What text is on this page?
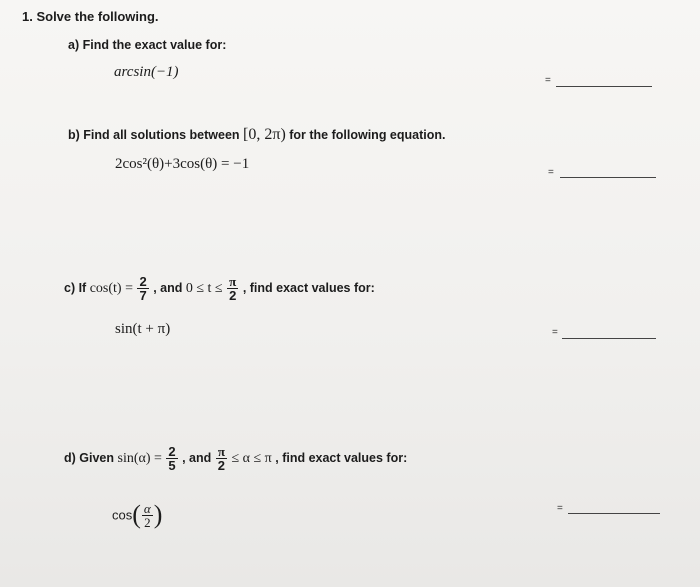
1. Solve the following.
a) Find the exact value for:
arcsin(−1)
=
b) Find all solutions between [0, 2π) for the following equation.
2cos²(θ)+3cos(θ) = −1
=
c) If $\cos(t) = \frac{2}{7}$ , and $0 \le t \le \frac{\pi}{2}$ , find exact values for:
sin(t + π)	=
d) Given $\sin(\alpha) = \frac{2}{5}$ , and $\frac{\pi}{2} \le \alpha \le \pi$ , find exact values for:
$\cos( \frac{\alpha}{2}$ )	=
